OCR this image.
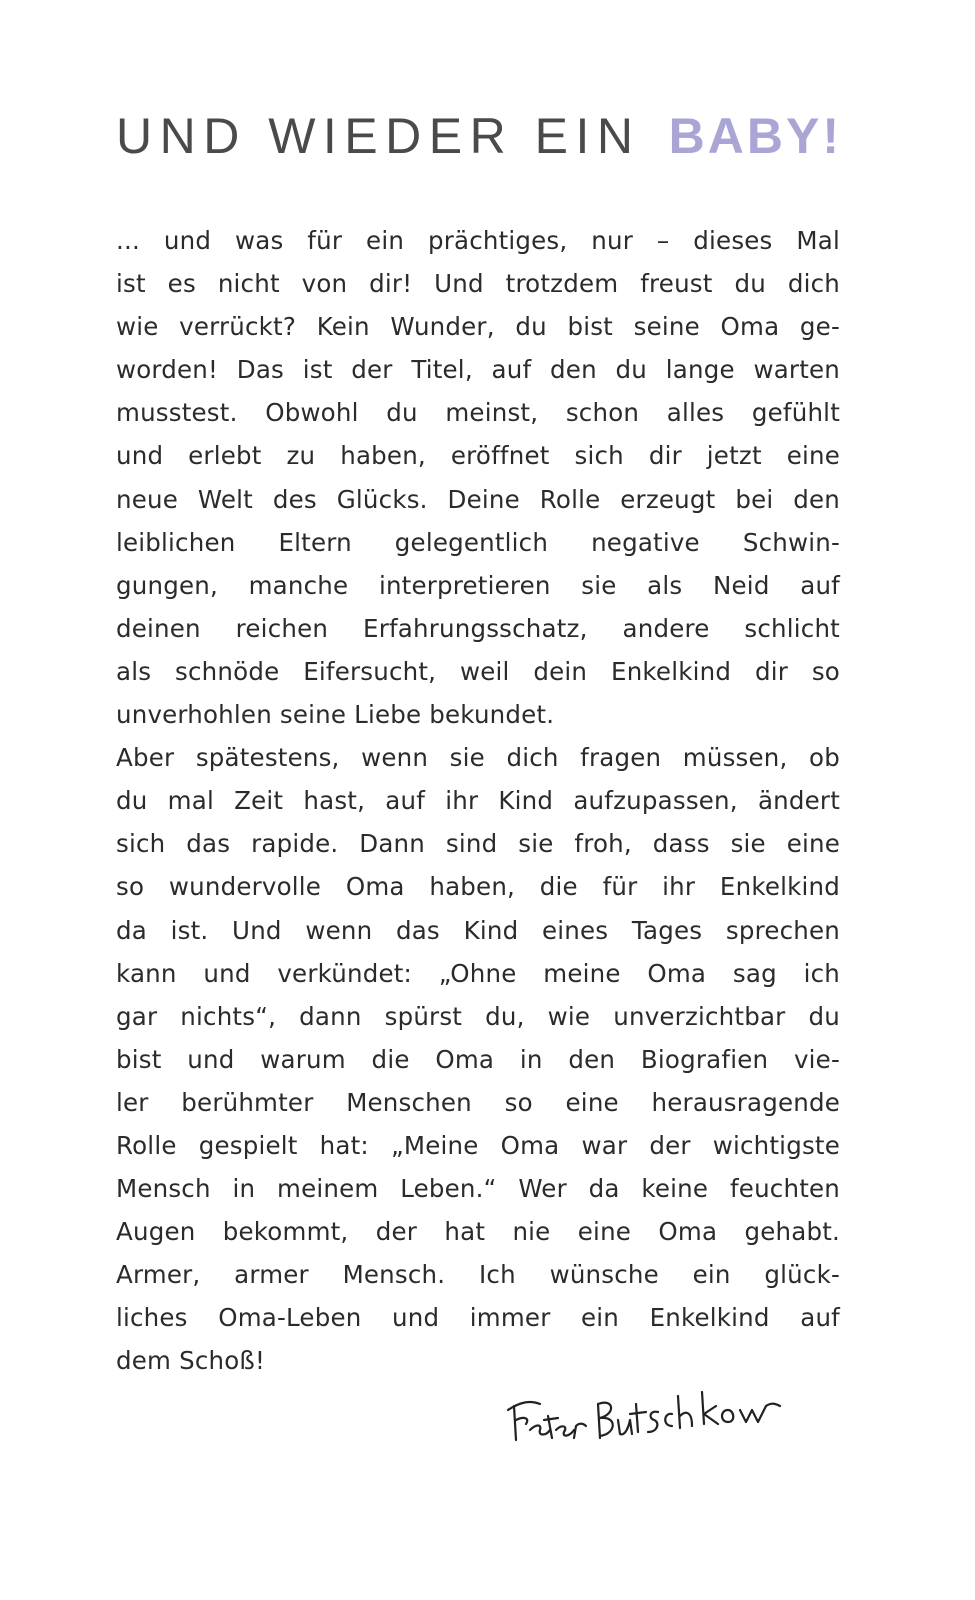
UND WIEDER EIN BABY!
... und was für ein prächtiges, nur – dieses Mal
ist es nicht von dir! Und trotzdem freust du dich
wie verrückt? Kein Wunder, du bist seine Oma ge-
worden! Das ist der Titel, auf den du lange warten
musstest. Obwohl du meinst, schon alles gefühlt
und erlebt zu haben, eröffnet sich dir jetzt eine
neue Welt des Glücks. Deine Rolle erzeugt bei den
leiblichen Eltern gelegentlich negative Schwin-
gungen, manche interpretieren sie als Neid auf
deinen reichen Erfahrungsschatz, andere schlicht
als schnöde Eifersucht, weil dein Enkelkind dir so
unverhohlen seine Liebe bekundet.
Aber spätestens, wenn sie dich fragen müssen, ob
du mal Zeit hast, auf ihr Kind aufzupassen, ändert
sich das rapide. Dann sind sie froh, dass sie eine
so wundervolle Oma haben, die für ihr Enkelkind
da ist. Und wenn das Kind eines Tages sprechen
kann und verkündet: „Ohne meine Oma sag ich
gar nichts“, dann spürst du, wie unverzichtbar du
bist und warum die Oma in den Biografien vie-
ler berühmter Menschen so eine herausragende
Rolle gespielt hat: „Meine Oma war der wichtigste
Mensch in meinem Leben.“ Wer da keine feuchten
Augen bekommt, der hat nie eine Oma gehabt.
Armer, armer Mensch. Ich wünsche ein glück-
liches Oma-Leben und immer ein Enkelkind auf
dem Schoß!
